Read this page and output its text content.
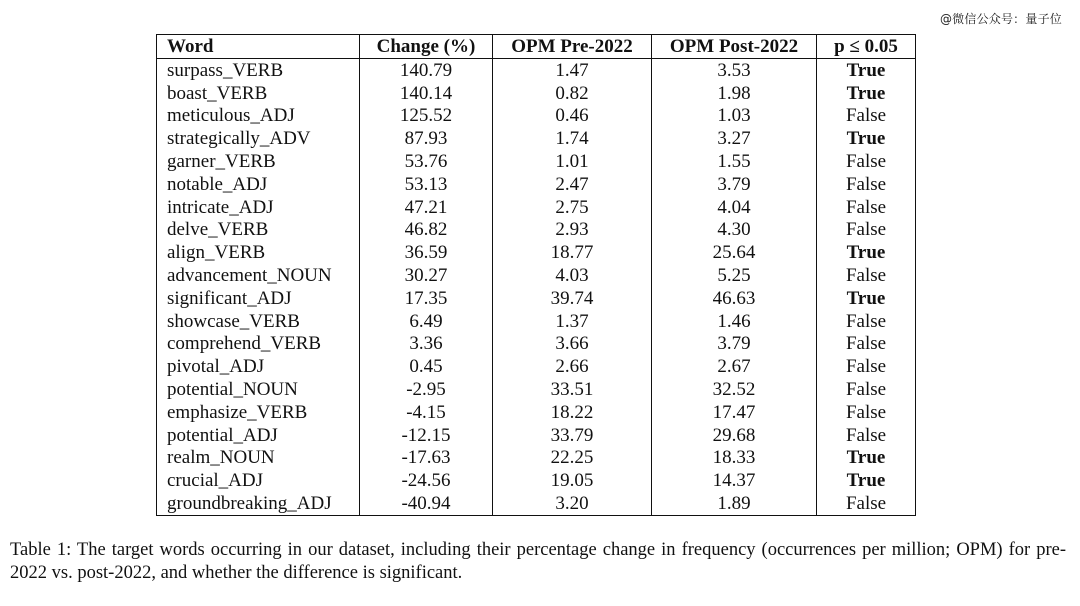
@微信公众号：量子位
Word	Change (%)	OPM Pre-2022	OPM Post-2022	p ≤ 0.05
surpass_VERB	140.79	1.47	3.53	True
boast_VERB	140.14	0.82	1.98	True
meticulous_ADJ	125.52	0.46	1.03	False
strategically_ADV	87.93	1.74	3.27	True
garner_VERB	53.76	1.01	1.55	False
notable_ADJ	53.13	2.47	3.79	False
intricate_ADJ	47.21	2.75	4.04	False
delve_VERB	46.82	2.93	4.30	False
align_VERB	36.59	18.77	25.64	True
advancement_NOUN	30.27	4.03	5.25	False
significant_ADJ	17.35	39.74	46.63	True
showcase_VERB	6.49	1.37	1.46	False
comprehend_VERB	3.36	3.66	3.79	False
pivotal_ADJ	0.45	2.66	2.67	False
potential_NOUN	-2.95	33.51	32.52	False
emphasize_VERB	-4.15	18.22	17.47	False
potential_ADJ	-12.15	33.79	29.68	False
realm_NOUN	-17.63	22.25	18.33	True
crucial_ADJ	-24.56	19.05	14.37	True
groundbreaking_ADJ	-40.94	3.20	1.89	False
Table 1: The target words occurring in our dataset, including their percentage change in frequency (occurrences per million; OPM) for pre-2022 vs. post-2022, and whether the difference is significant.
